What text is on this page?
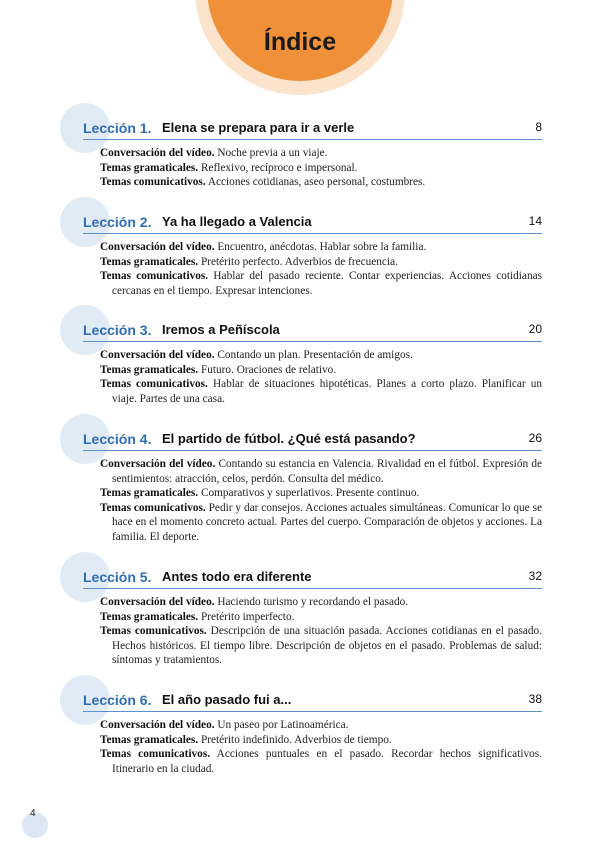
Índice
Lección 1. Elena se prepara para ir a verle	8

Conversación del vídeo. Noche previa a un viaje.

Temas gramaticales. Reflexivo, recíproco e impersonal.

Temas comunicativos. Acciones cotidianas, aseo personal, costumbres.

Lección 2. Ya ha llegado a Valencia	14

Conversación del vídeo. Encuentro, anécdotas. Hablar sobre la familia.

Temas gramaticales. Pretérito perfecto. Adverbios de frecuencia.

Temas comunicativos. Hablar del pasado reciente. Contar experiencias. Acciones cotidianas cercanas en el tiempo. Expresar intenciones.

Lección 3. Iremos a Peñíscola	20

Conversación del vídeo. Contando un plan. Presentación de amigos.

Temas gramaticales. Futuro. Oraciones de relativo.

Temas comunicativos. Hablar de situaciones hipotéticas. Planes a corto plazo. Planificar un viaje. Partes de una casa.

Lección 4. El partido de fútbol. ¿Qué está pasando?	26

Conversación del vídeo. Contando su estancia en Valencia. Rivalidad en el fútbol. Expresión de sentimientos: atracción, celos, perdón. Consulta del médico.

Temas gramaticales. Comparativos y superlativos. Presente continuo.

Temas comunicativos. Pedir y dar consejos. Acciones actuales simultáneas. Comunicar lo que se hace en el momento concreto actual. Partes del cuerpo. Comparación de objetos y acciones. La familia. El deporte.

Lección 5. Antes todo era diferente	32

Conversación del vídeo. Haciendo turismo y recordando el pasado.

Temas gramaticales. Pretérito imperfecto.

Temas comunicativos. Descripción de una situación pasada. Acciones cotidianas en el pasado. Hechos históricos. El tiempo libre. Descripción de objetos en el pasado. Problemas de salud: síntomas y tratamientos.

Lección 6. El año pasado fui a...	38

Conversación del vídeo. Un paseo por Latinoamérica.

Temas gramaticales. Pretérito indefinido. Adverbios de tiempo.

Temas comunicativos. Acciones puntuales en el pasado. Recordar hechos significativos. Itinerario en la ciudad.

4
